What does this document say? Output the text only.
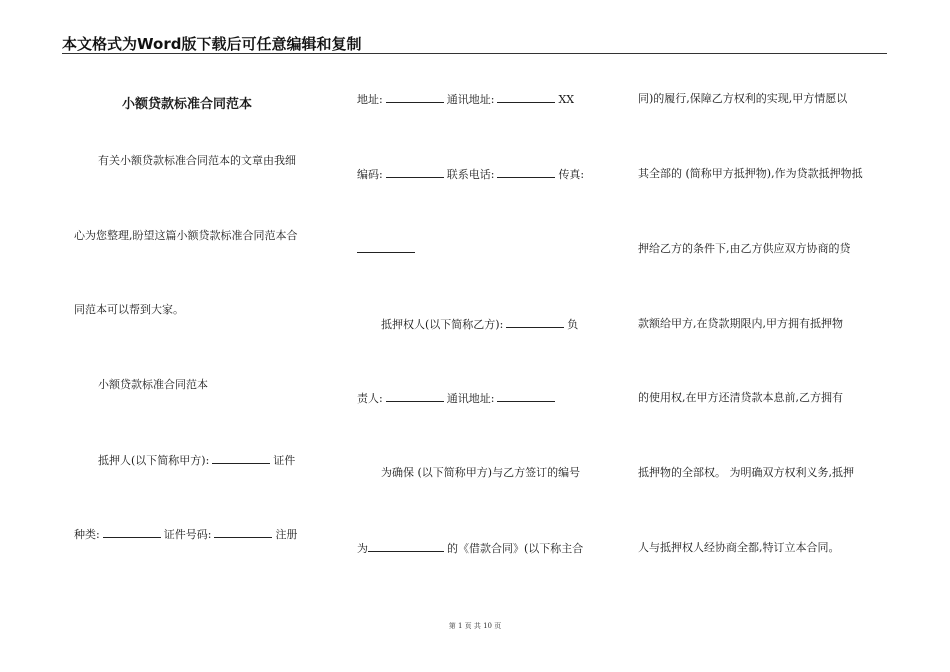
本文格式为Word版下载后可任意编辑和复制
小额贷款标准合同范本
有关小额贷款标准合同范本的文章由我细
心为您整理,盼望这篇小额贷款标准合同范本合
同范本可以帮到大家。
小额贷款标准合同范本
抵押人(以下简称甲方):	证件
种类:	证件号码:	注册
地址:	通讯地址:	XX
编码:	联系电话:	传真:
抵押权人(以下简称乙方):	负
责人:	通讯地址:
为确保 (以下简称甲方)与乙方签订的编号
为	的《借款合同》(以下称主合
同)的履行,保障乙方权利的实现,甲方情愿以
其全部的 (简称甲方抵押物),作为贷款抵押物抵
押给乙方的条件下,由乙方供应双方协商的贷
款额给甲方,在贷款期限内,甲方拥有抵押物
的使用权,在甲方还清贷款本息前,乙方拥有
抵押物的全部权。 为明确双方权利义务,抵押
人与抵押权人经协商全都,特订立本合同。
第 1 页 共 10 页
